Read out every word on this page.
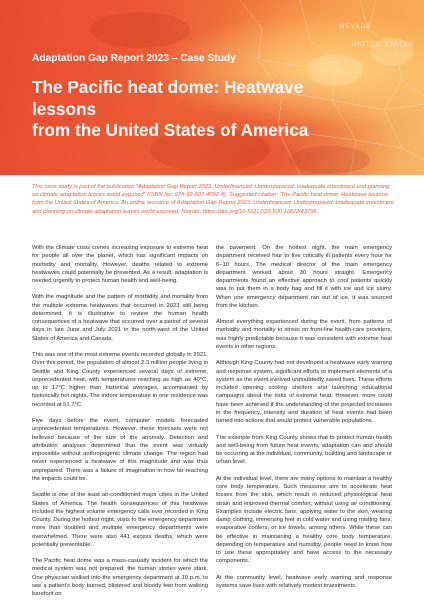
NEVADA
UNITED STATES
Adaptation Gap Report 2023 – Case Study
The Pacific heat dome: Heatwave lessons
from the United States of America
This case study is part of the publication "Adaptation Gap Report 2023: Underfinanced. Underprepared. Inadequate investment and planning on climate adaptation leaves world exposed" (ISBN No: 978-92-807-4092-9). Suggested citation: 'The Pacific heat dome: Heatwave lessons from the United States of America. An online resource of Adaptation Gap Report 2023: Underfinanced. Underprepared. Inadequate investment and planning on climate adaptation leaves world exposed. Nairobi. https://doi.org/10.59117/20.500.11822/43796.

With the climate crisis comes increasing exposure to extreme heat for people all over the planet, which has significant impacts on morbidity and mortality. However, deaths related to extreme heatwaves could potentially be prevented. As a result, adaptation is needed urgently to protect human health and well-being.

With the magnitude and the pattern of morbidity and mortality from the multiple extreme heatwaves that occurred in 2023 still being determined, it is illustrative to review the human health consequences of a heatwave that occurred over a period of several days in late June and July 2021 in the north-west of the United States of America and Canada.

This was one of the most extreme events recorded globally in 2021. Over this period, the population of almost 2.3 million people living in Seattle and King County experienced several days of extreme, unprecedented heat, with temperatures reaching as high as 40°C, up to 17°C higher than historical averages, accompanied by historically hot nights. The indoor temperature in one residence was recorded at 51.7°C.

Five days before the event, computer models forecasted unprecedented temperatures. However, these forecasts were not believed because of the size of the anomaly. Detection and attribution analyses determined that the event was virtually impossible without anthropogenic climate change. The region had never experienced a heatwave of this magnitude and was thus unprepared. There was a failure of imagination in how far-reaching the impacts could be.

Seattle is one of the least air-conditioned major cities in the United States of America. The health consequences of this heatwave included the highest volume emergency calls ever recorded in King County. During the hottest night, visits to the emergency department more than doubled and multiple emergency departments were overwhelmed. There were also 441 excess deaths, which were potentially preventable.

The Pacific heat dome was a mass-casualty incident for which the medical system was not prepared; the human stories were stark. One physician walked into the emergency department at 10 p.m. to see a patient's body burned, blistered and bloody feet from walking barefoot on

the pavement. On the hottest night, the main emergency department received four to five critically ill patients every hour for 6–10 hours. The medical director of the main emergency department worked about 30 hours straight. Emergency departments found an effective approach to cool patients quickly was to put them in a body bag and fill it with ice and ice slurry. When one emergency department ran out of ice, it was sourced from the kitchen.

Almost everything experienced during the event, from patterns of morbidity and mortality to stress on front-line health-care providers, was highly predictable because it was consistent with extreme heat events in other regions.

Although King County had not developed a heatwave early warning and response system, significant efforts to implement elements of a system as the event evolved undoubtedly saved lives. These efforts included opening cooling shelters and launching educational campaigns about the risks of extreme heat. However, more could have been achieved if the understanding of the projected increases in the frequency, intensity and duration of heat events had been turned into actions that would protect vulnerable populations.

The example from King County shows that to protect human health and well-being from future heat events, adaptation can and should be occurring at the individual, community, building and landscape or urban level.

At the individual level, there are many options to maintain a healthy core body temperature. Such measures aim to accelerate heat losses from the skin, which result in reduced physiological heat strain and improved thermal comfort, without using air conditioning. Examples include electric fans, applying water to the skin, wearing damp clothing, immersing feet in cold water and using misting fans, evaporative coolers, or ice towels, among others. While these can be effective in maintaining a healthy core body temperature, depending on temperature and humidity, people need to know how to use these appropriately and have access to the necessary components.

At the community level, heatwave early warning and response systems save lives with relatively modest investments.
